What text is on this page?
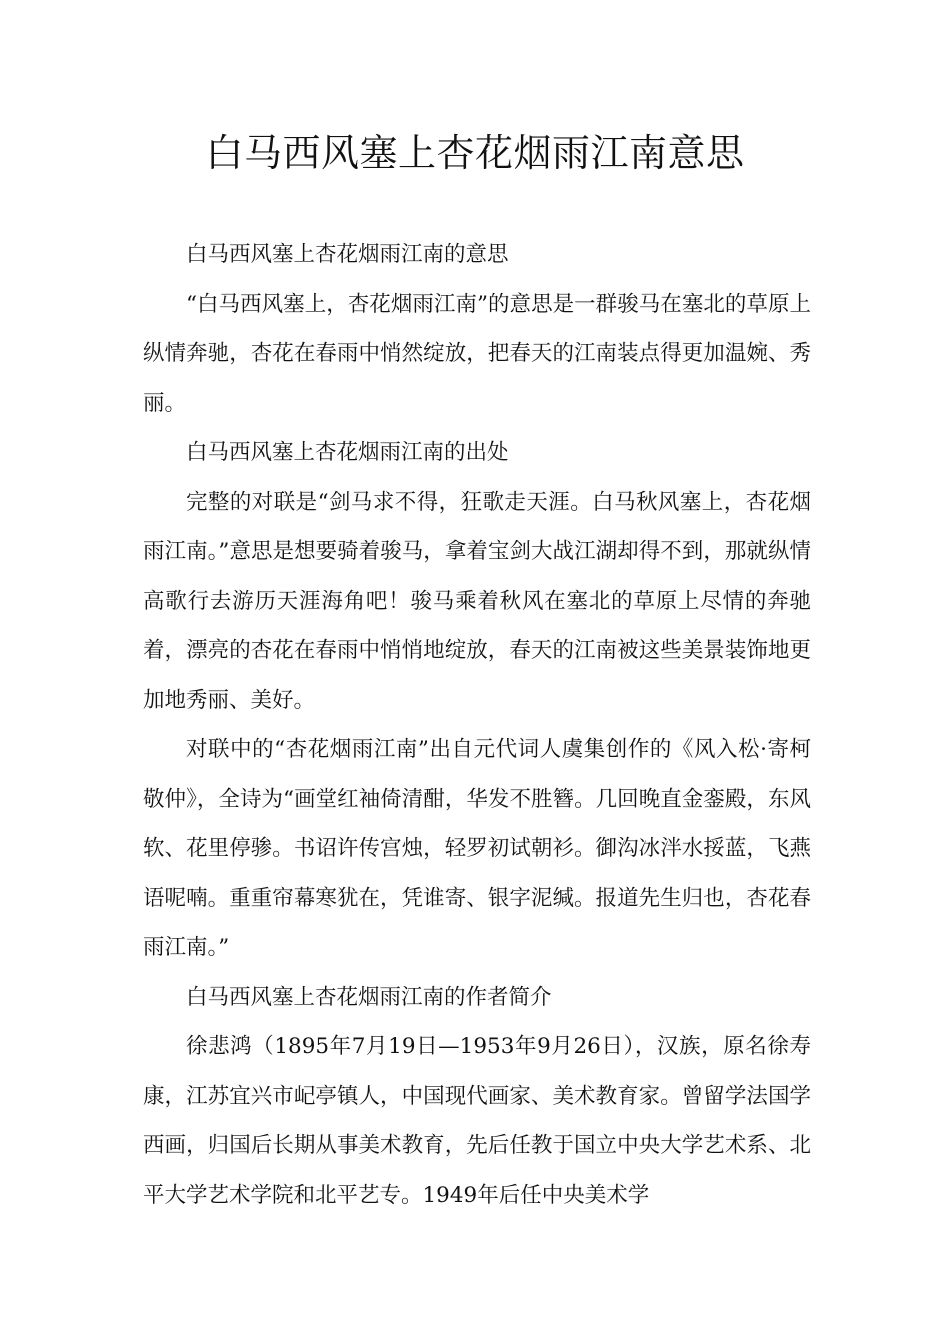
白马西风塞上杏花烟雨江南意思

白马西风塞上杏花烟雨江南的意思

“白马西风塞上，杏花烟雨江南”的意思是一群骏马在塞北的草原上纵情奔驰，杏花在春雨中悄然绽放，把春天的江南装点得更加温婉、秀丽。

白马西风塞上杏花烟雨江南的出处

完整的对联是“剑马求不得，狂歌走天涯。白马秋风塞上，杏花烟雨江南。”意思是想要骑着骏马，拿着宝剑大战江湖却得不到，那就纵情高歌行去游历天涯海角吧！骏马乘着秋风在塞北的草原上尽情的奔驰着，漂亮的杏花在春雨中悄悄地绽放，春天的江南被这些美景装饰地更加地秀丽、美好。

对联中的“杏花烟雨江南”出自元代词人虞集创作的《风入松·寄柯敬仲》，全诗为“画堂红袖倚清酣，华发不胜簪。几回晚直金銮殿，东风软、花里停骖。书诏许传宫烛，轻罗初试朝衫。御沟冰泮水挼蓝，飞燕语呢喃。重重帘幕寒犹在，凭谁寄、银字泥缄。报道先生归也，杏花春雨江南。”

白马西风塞上杏花烟雨江南的作者简介

徐悲鸿（1895年7月19日—1953年9月26日），汉族，原名徐寿康，江苏宜兴市屺亭镇人，中国现代画家、美术教育家。曾留学法国学西画，归国后长期从事美术教育，先后任教于国立中央大学艺术系、北平大学艺术学院和北平艺专。1949年后任中央美术学
